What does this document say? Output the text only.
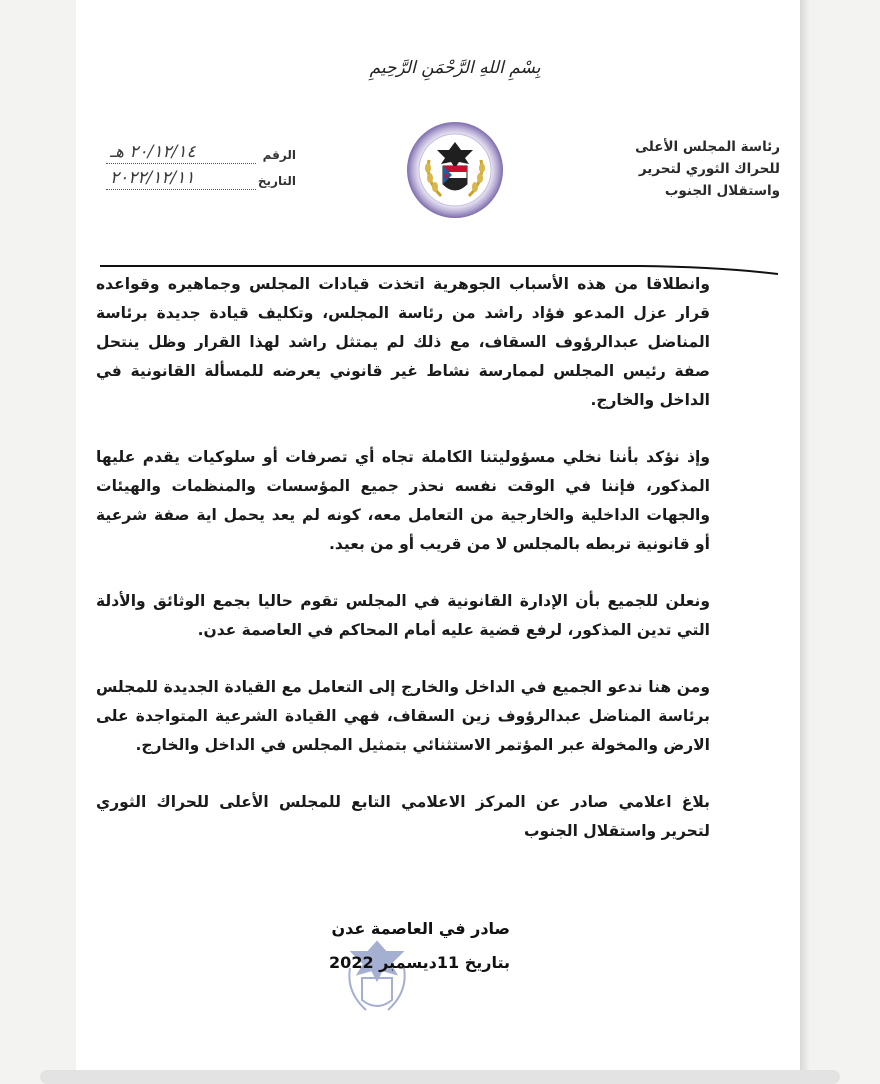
بِسْمِ اللهِ الرَّحْمَنِ الرَّحِيمِ
رئاسة المجلس الأعلى
للحراك الثوري لتحرير
واستقلال الجنوب
الرقم
٢٠/١٢/١٤ هـ
التاريخ
٢٠٢٢/١٢/١١

وانطلاقا من هذه الأسباب الجوهرية اتخذت قيادات المجلس وجماهيره وقواعده قرار عزل المدعو فؤاد راشد من رئاسة المجلس، وتكليف قيادة جديدة برئاسة المناضل عبدالرؤوف السقاف، مع ذلك لم يمتثل راشد لهذا القرار وظل ينتحل صفة رئيس المجلس لممارسة نشاط غير قانوني يعرضه للمسألة القانونية في الداخل والخارج.

وإذ نؤكد بأننا نخلي مسؤوليتنا الكاملة تجاه أي تصرفات أو سلوكيات يقدم عليها المذكور، فإننا في الوقت نفسه نحذر جميع المؤسسات والمنظمات والهيئات والجهات الداخلية والخارجية من التعامل معه، كونه لم يعد يحمل اية صفة شرعية أو قانونية تربطه بالمجلس لا من قريب أو من بعيد.

ونعلن للجميع بأن الإدارة القانونية في المجلس تقوم حاليا بجمع الوثائق والأدلة التي تدين المذكور، لرفع قضية عليه أمام المحاكم في العاصمة عدن.

ومن هنا ندعو الجميع في الداخل والخارج إلى التعامل مع القيادة الجديدة للمجلس برئاسة المناضل عبدالرؤوف زين السقاف، فهي القيادة الشرعية المتواجدة على الارض والمخولة عبر المؤتمر الاستثنائي بتمثيل المجلس في الداخل والخارج.

بلاغ اعلامي صادر عن المركز الاعلامي التابع للمجلس الأعلى للحراك الثوري لتحرير واستقلال الجنوب

صادر في العاصمة عدن
بتاريخ 11ديسمبر 2022
